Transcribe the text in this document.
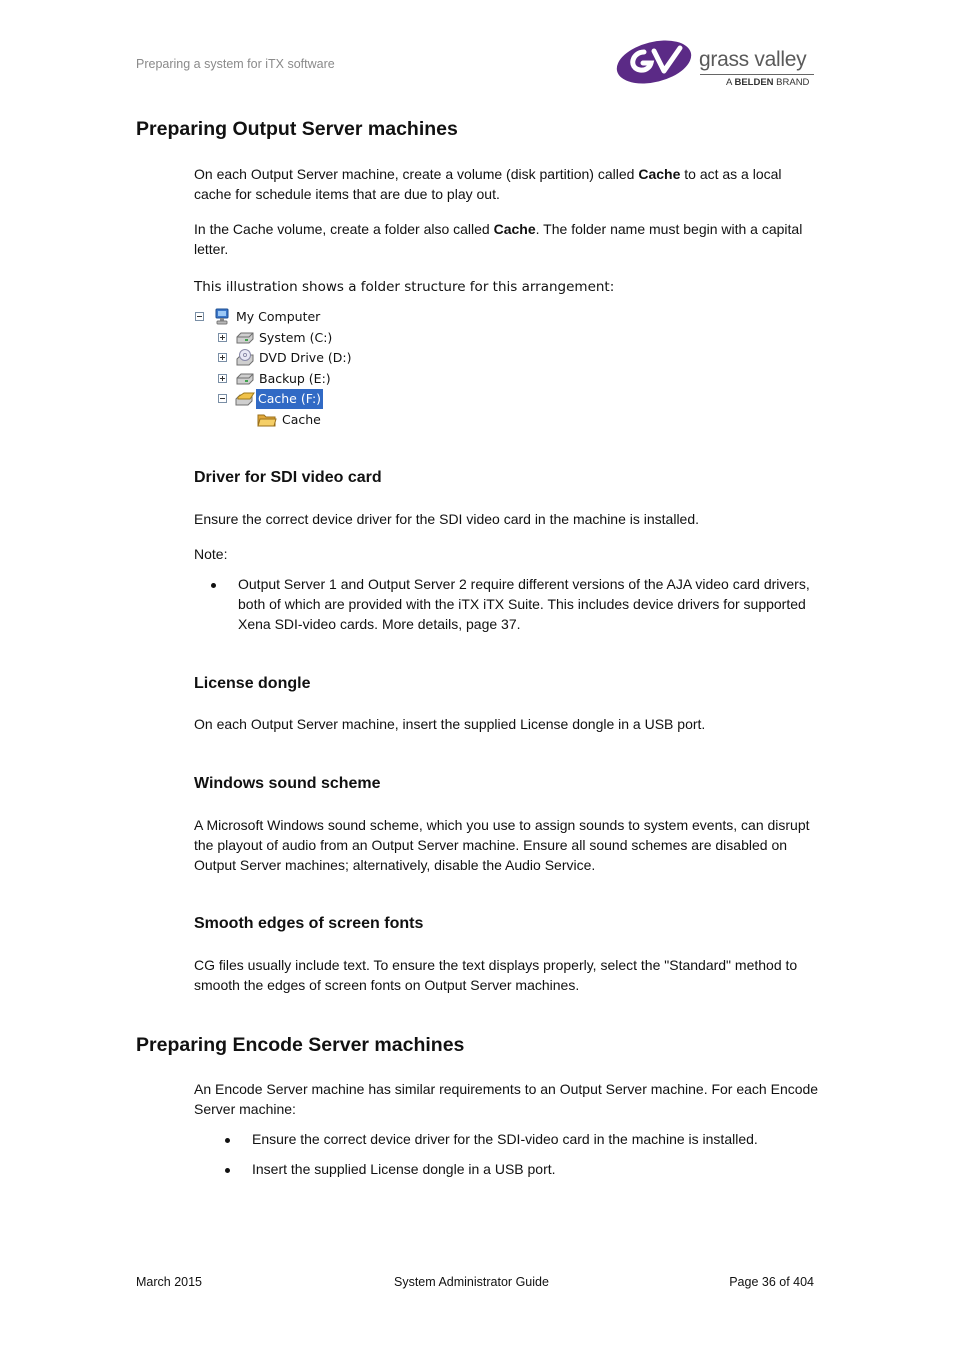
Preparing a system for iTX software	grass valley
A BELDEN BRAND
Preparing Output Server machines

On each Output Server machine, create a volume (disk partition) called Cache to act as a local cache for schedule items that are due to play out.

In the Cache volume, create a folder also called Cache. The folder name must begin with a capital letter.

This illustration shows a folder structure for this arrangement:

My Computer
System (C:)
DVD Drive (D:)
Backup (E:)
Cache (F:)
Cache
Driver for SDI video card

Ensure the correct device driver for the SDI video card in the machine is installed.

Note:

Output Server 1 and Output Server 2 require different versions of the AJA video card drivers, both of which are provided with the iTX iTX Suite. This includes device drivers for supported Xena SDI-video cards. More details, page 37.

License dongle

On each Output Server machine, insert the supplied License dongle in a USB port.

Windows sound scheme

A Microsoft Windows sound scheme, which you use to assign sounds to system events, can disrupt the playout of audio from an Output Server machine. Ensure all sound schemes are disabled on Output Server machines; alternatively, disable the Audio Service.

Smooth edges of screen fonts

CG files usually include text. To ensure the text displays properly, select the "Standard" method to smooth the edges of screen fonts on Output Server machines.

Preparing Encode Server machines

An Encode Server machine has similar requirements to an Output Server machine. For each Encode Server machine:

Ensure the correct device driver for the SDI-video card in the machine is installed.

Insert the supplied License dongle in a USB port.

March 2015	System Administrator Guide	Page 36 of 404
